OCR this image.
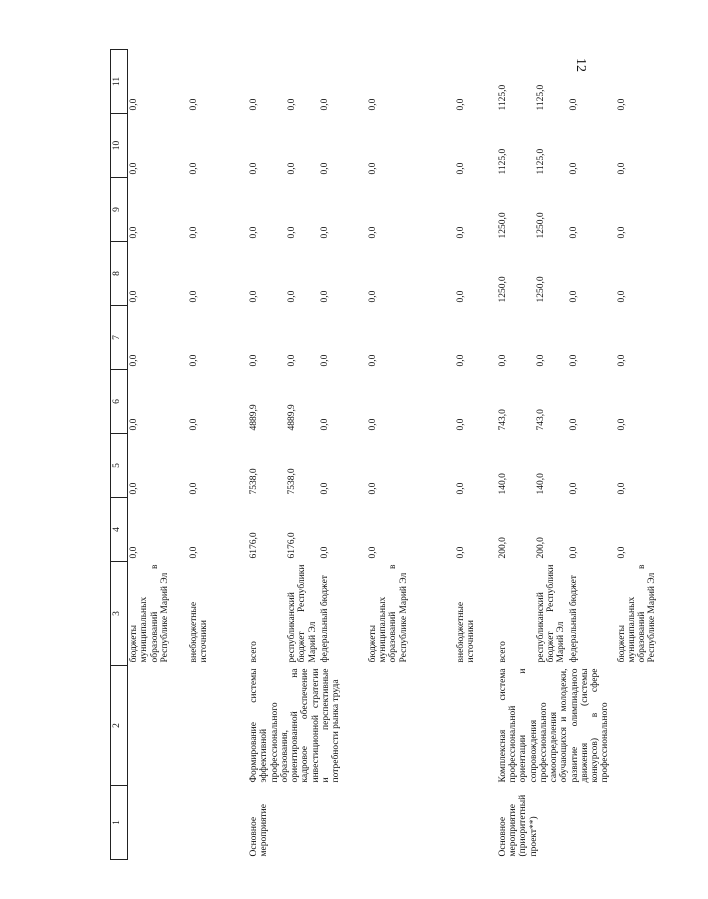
12
1	2	3	4	5	6	7	8	9	10	11
		бюджеты муниципальных образований в Республике Марий Эл	0,0	0,0	0,0	0,0	0,0	0,0	0,0	0,0
		внебюджетные источники	0,0	0,0	0,0	0,0	0,0	0,0	0,0	0,0
Основное мероприятие	Формирование системы эффективной профессионального образования, ориентированной на кадровое обеспечение инвестиционной стратегии и перспективные потребности рынка труда	всего	6176,0	7538,0	4889,9	0,0	0,0	0,0	0,0	0,0
		республиканский бюджет Республики Марий Эл	6176,0	7538,0	4889,9	0,0	0,0	0,0	0,0	0,0
		федеральный бюджет	0,0	0,0	0,0	0,0	0,0	0,0	0,0	0,0
		бюджеты муниципальных образований в Республике Марий Эл	0,0	0,0	0,0	0,0	0,0	0,0	0,0	0,0
		внебюджетные источники	0,0	0,0	0,0	0,0	0,0	0,0	0,0	0,0
Основное мероприятие (приоритетный проект**)	Комплексная система профессиональной ориентации и сопровождения профессионального самоопределения обучающихся и молодежи, развитие олимпиадного движения (системы конкурсов) в сфере профессионального	всего	200,0	140,0	743,0	0,0	1250,0	1250,0	1125,0	1125,0
		республиканский бюджет Республики Марий Эл	200,0	140,0	743,0	0,0	1250,0	1250,0	1125,0	1125,0
		федеральный бюджет	0,0	0,0	0,0	0,0	0,0	0,0	0,0	0,0
		бюджеты муниципальных образований в Республике Марий Эл	0,0	0,0	0,0	0,0	0,0	0,0	0,0	0,0
